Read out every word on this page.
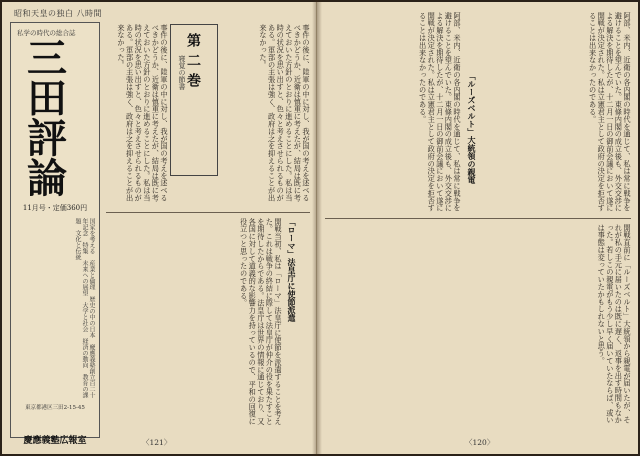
昭和天皇の独白 八時間
私学の時代の総合誌
三田評論
11月号・定価360円
国家を考える　産業と倫理　歴史の中の日本　慶應義塾創立百二十年記念　特集　未来への展望　大学と社会　経済の動向　教育の課題　文化と伝統
東京都港区三田2-15-45
慶應義塾広報室
事件の後に、陸軍の中に対し、我が国の考えを述べるべきかどうか、近衛は慎重に考えたが、結局は既に考えておいた方針のとおりに進めることにした。私は当時の状況を思い出すと、色々と考えさせられるものがある。軍部の主張は強く、政府は之を抑えることが出来なかった。	第二巻
寝覚の節書	事件の後に、陸軍の中に対し、我が国の考えを述べるべきかどうか、近衛は慎重に考えたが、結局は既に考えておいた方針のとおりに進めることにした。私は当時の状況を思い出すと、色々と考えさせられるものがある。軍部の主張は強く、政府は之を抑えることが出来なかった。
「ローマ」法皇庁に使節派遣
開戦当初、私は「ローマ」法皇庁に使節を派遣することを考えた。これは戦争の終結に際して法皇庁が仲介の役を果たすことを期待したからである。法皇庁は世界の情報に通じており、又各国に対して道義的な影響力を持っているので、平和の回復に役立つと思ったのである。
〈121〉
阿部、米内、近衛の各内閣の時代を通じて、私は常に戦争を避けることを望んでいた。東條内閣の成立後も、外交交渉による解決を期待したが、十二月一日の御前会議において遂に開戦が決定された。私は立憲君主として政府の決定を拒否することは出来なかったのである。
「ルーズベルト」大統領の親電	阿部、米内、近衛の各内閣の時代を通じて、私は常に戦争を避けることを望んでいた。東條内閣の成立後も、外交交渉による解決を期待したが、十二月一日の御前会議において遂に開戦が決定された。私は立憲君主として政府の決定を拒否することは出来なかったのである。
開戦直前に「ルーズベルト」大統領から親電が届いたが、それが私の手元に届いたのは既に遅く、返事を出す時間もなかった。若しこの親電がもう少し早く届いていたならば、或いは事態は変っていたかもしれないと思う。
〈120〉
